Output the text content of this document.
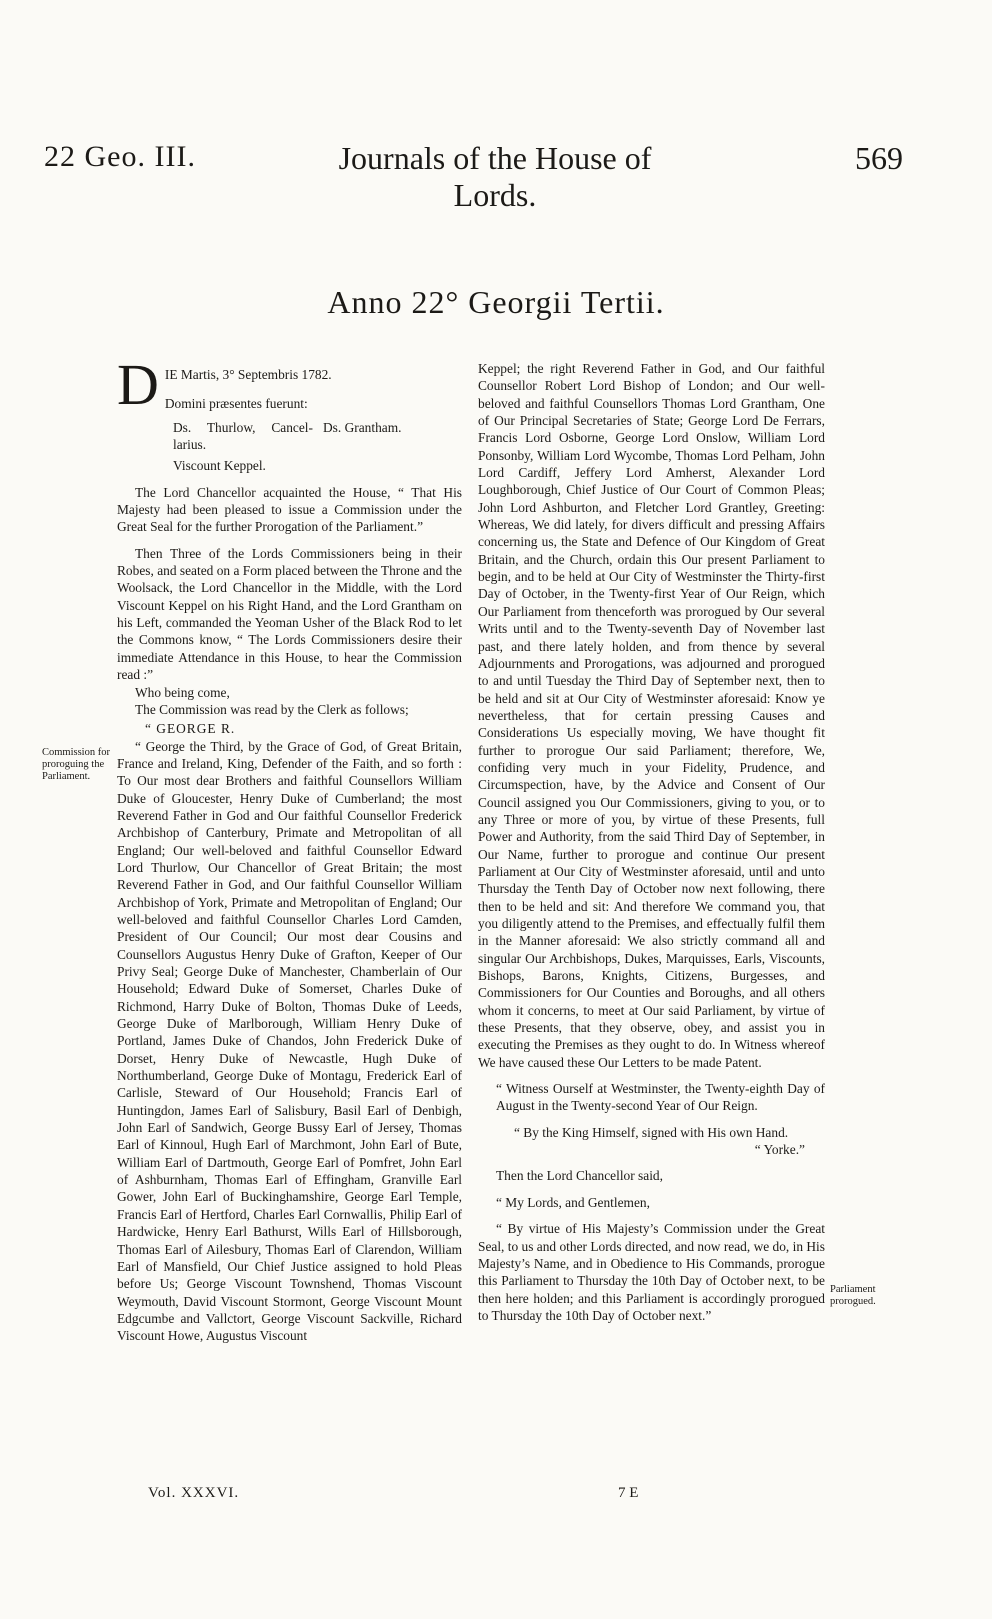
22 Geo. III.	Journals of the House of Lords.
569
Anno 22° Georgii Tertii.
Commission for proroguing the Parliament.
Parliament prorogued.
D IE Martis, 3° Septembris 1782.

Domini præsentes fuerunt:

Ds. Thurlow, Cancel- larius.	Ds. Grantham.

Viscount Keppel.

The Lord Chancellor acquainted the House, “ That His Majesty had been pleased to issue a Commission under the Great Seal for the further Prorogation of the Parliament.”

Then Three of the Lords Commissioners being in their Robes, and seated on a Form placed between the Throne and the Woolsack, the Lord Chancellor in the Middle, with the Lord Viscount Keppel on his Right Hand, and the Lord Grantham on his Left, commanded the Yeoman Usher of the Black Rod to let the Commons know, “ The Lords Commissioners desire their immediate Attendance in this House, to hear the Commission read :”

Who being come,

The Commission was read by the Clerk as follows;

“ GEORGE R.

“ George the Third, by the Grace of God, of Great Britain, France and Ireland, King, Defender of the Faith, and so forth : To Our most dear Brothers and faithful Counsellors William Duke of Gloucester, Henry Duke of Cumberland; the most Reverend Father in God and Our faithful Counsellor Frederick Archbishop of Canterbury, Primate and Metropolitan of all England; Our well-beloved and faithful Counsellor Edward Lord Thurlow, Our Chancellor of Great Britain; the most Reverend Father in God, and Our faithful Counsellor William Archbishop of York, Primate and Metropolitan of England; Our well-beloved and faithful Counsellor Charles Lord Camden, President of Our Council; Our most dear Cousins and Counsellors Augustus Henry Duke of Grafton, Keeper of Our Privy Seal; George Duke of Manchester, Chamberlain of Our Household; Edward Duke of Somerset, Charles Duke of Richmond, Harry Duke of Bolton, Thomas Duke of Leeds, George Duke of Marlborough, William Henry Duke of Portland, James Duke of Chandos, John Frederick Duke of Dorset, Henry Duke of Newcastle, Hugh Duke of Northumberland, George Duke of Montagu, Frederick Earl of Carlisle, Steward of Our Household; Francis Earl of Huntingdon, James Earl of Salisbury, Basil Earl of Denbigh, John Earl of Sandwich, George Bussy Earl of Jersey, Thomas Earl of Kinnoul, Hugh Earl of Marchmont, John Earl of Bute, William Earl of Dartmouth, George Earl of Pomfret, John Earl of Ashburnham, Thomas Earl of Effingham, Granville Earl Gower, John Earl of Buckinghamshire, George Earl Temple, Francis Earl of Hertford, Charles Earl Cornwallis, Philip Earl of Hardwicke, Henry Earl Bathurst, Wills Earl of Hillsborough, Thomas Earl of Ailesbury, Thomas Earl of Clarendon, William Earl of Mansfield, Our Chief Justice assigned to hold Pleas before Us; George Viscount Townshend, Thomas Viscount Weymouth, David Viscount Stormont, George Viscount Mount Edgcumbe and Vallctort, George Viscount Sackville, Richard Viscount Howe, Augustus Viscount

Keppel; the right Reverend Father in God, and Our faithful Counsellor Robert Lord Bishop of London; and Our well-beloved and faithful Counsellors Thomas Lord Grantham, One of Our Principal Secretaries of State; George Lord De Ferrars, Francis Lord Osborne, George Lord Onslow, William Lord Ponsonby, William Lord Wycombe, Thomas Lord Pelham, John Lord Cardiff, Jeffery Lord Amherst, Alexander Lord Loughborough, Chief Justice of Our Court of Common Pleas; John Lord Ashburton, and Fletcher Lord Grantley, Greeting: Whereas, We did lately, for divers difficult and pressing Affairs concerning us, the State and Defence of Our Kingdom of Great Britain, and the Church, ordain this Our present Parliament to begin, and to be held at Our City of Westminster the Thirty-first Day of October, in the Twenty-first Year of Our Reign, which Our Parliament from thenceforth was prorogued by Our several Writs until and to the Twenty-seventh Day of November last past, and there lately holden, and from thence by several Adjournments and Prorogations, was adjourned and prorogued to and until Tuesday the Third Day of September next, then to be held and sit at Our City of Westminster aforesaid: Know ye nevertheless, that for certain pressing Causes and Considerations Us especially moving, We have thought fit further to prorogue Our said Parliament; therefore, We, confiding very much in your Fidelity, Prudence, and Circumspection, have, by the Advice and Consent of Our Council assigned you Our Commissioners, giving to you, or to any Three or more of you, by virtue of these Presents, full Power and Authority, from the said Third Day of September, in Our Name, further to prorogue and continue Our present Parliament at Our City of Westminster aforesaid, until and unto Thursday the Tenth Day of October now next following, there then to be held and sit: And therefore We command you, that you diligently attend to the Premises, and effectually fulfil them in the Manner aforesaid: We also strictly command all and singular Our Archbishops, Dukes, Marquisses, Earls, Viscounts, Bishops, Barons, Knights, Citizens, Burgesses, and Commissioners for Our Counties and Boroughs, and all others whom it concerns, to meet at Our said Parliament, by virtue of these Presents, that they observe, obey, and assist you in executing the Premises as they ought to do. In Witness whereof We have caused these Our Letters to be made Patent.

“ Witness Ourself at Westminster, the Twenty-eighth Day of August in the Twenty-second Year of Our Reign.

“ By the King Himself, signed with His own Hand.

“ Yorke.”

Then the Lord Chancellor said,

“ My Lords, and Gentlemen,

“ By virtue of His Majesty’s Commission under the Great Seal, to us and other Lords directed, and now read, we do, in His Majesty’s Name, and in Obedience to His Commands, prorogue this Parliament to Thursday the 10th Day of October next, to be then here holden; and this Parliament is accordingly prorogued to Thursday the 10th Day of October next.”

Vol. XXXVI.	7 E
